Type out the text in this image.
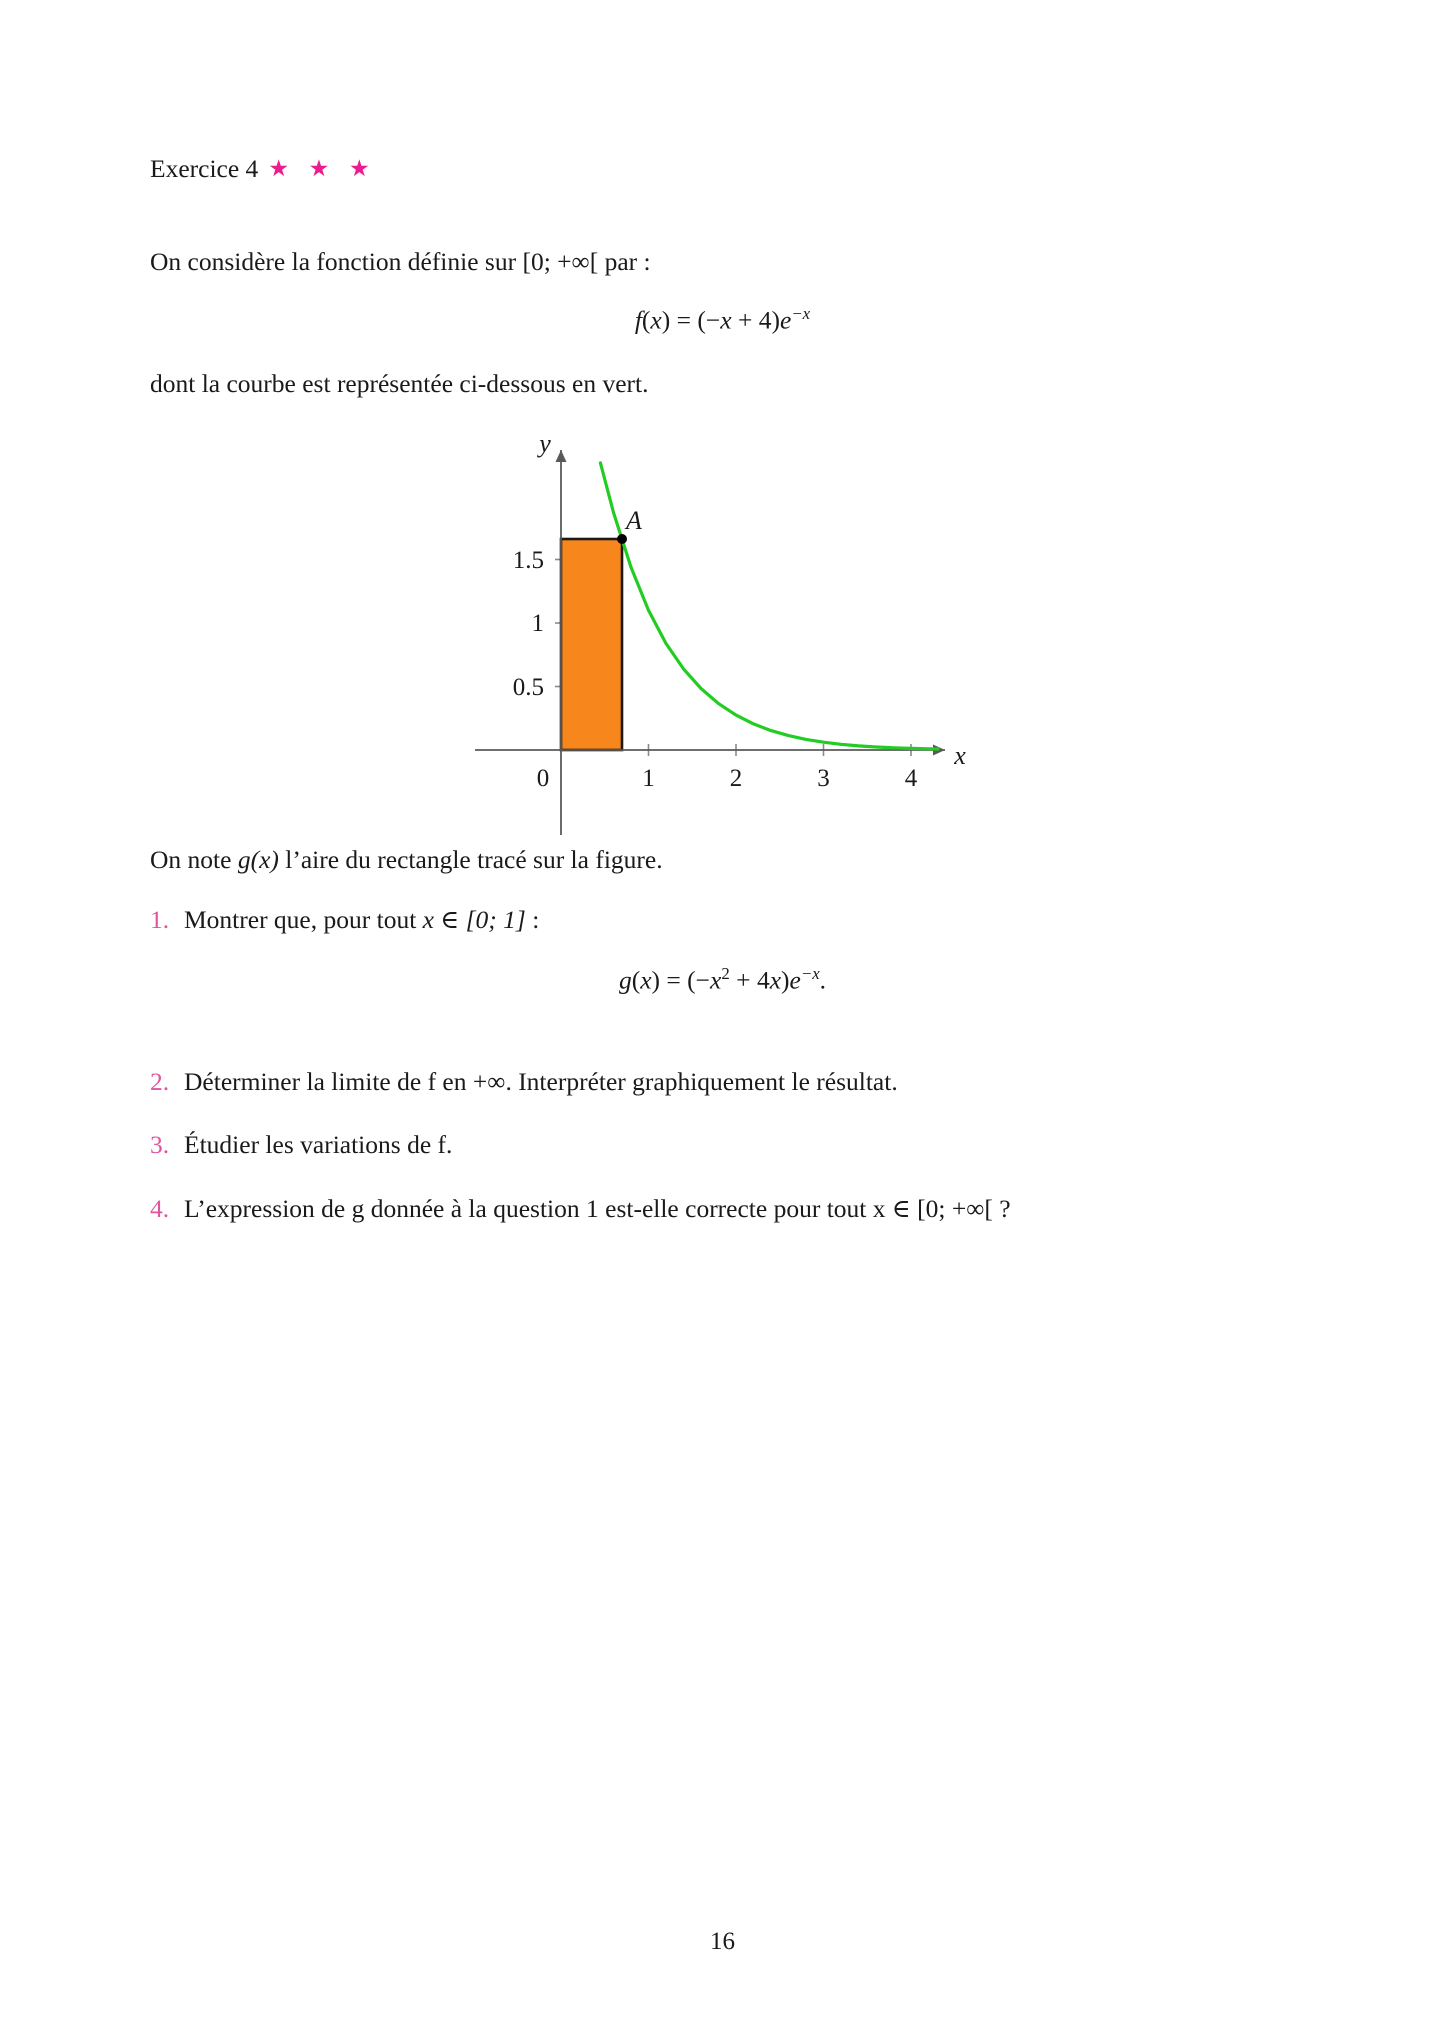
Exercice 4 ★ ★ ★
On considère la fonction définie sur [0; +∞[ par :
$f(x) = (-x + 4)e^{-x}$
dont la courbe est représentée ci-dessous en vert.
y
x
A
1.5
1
0.5
0	1	2	3	4
On note g(x) l’aire du rectangle tracé sur la figure.
1. Montrer que, pour tout x ∈ [0; 1] :
$g(x) = (-x^2 + 4x)e^{-x}$.
2. Déterminer la limite de f en +∞. Interpréter graphiquement le résultat.
3. Étudier les variations de f.
4. L’expression de g donnée à la question 1 est-elle correcte pour tout x ∈ [0; +∞[ ?
16
